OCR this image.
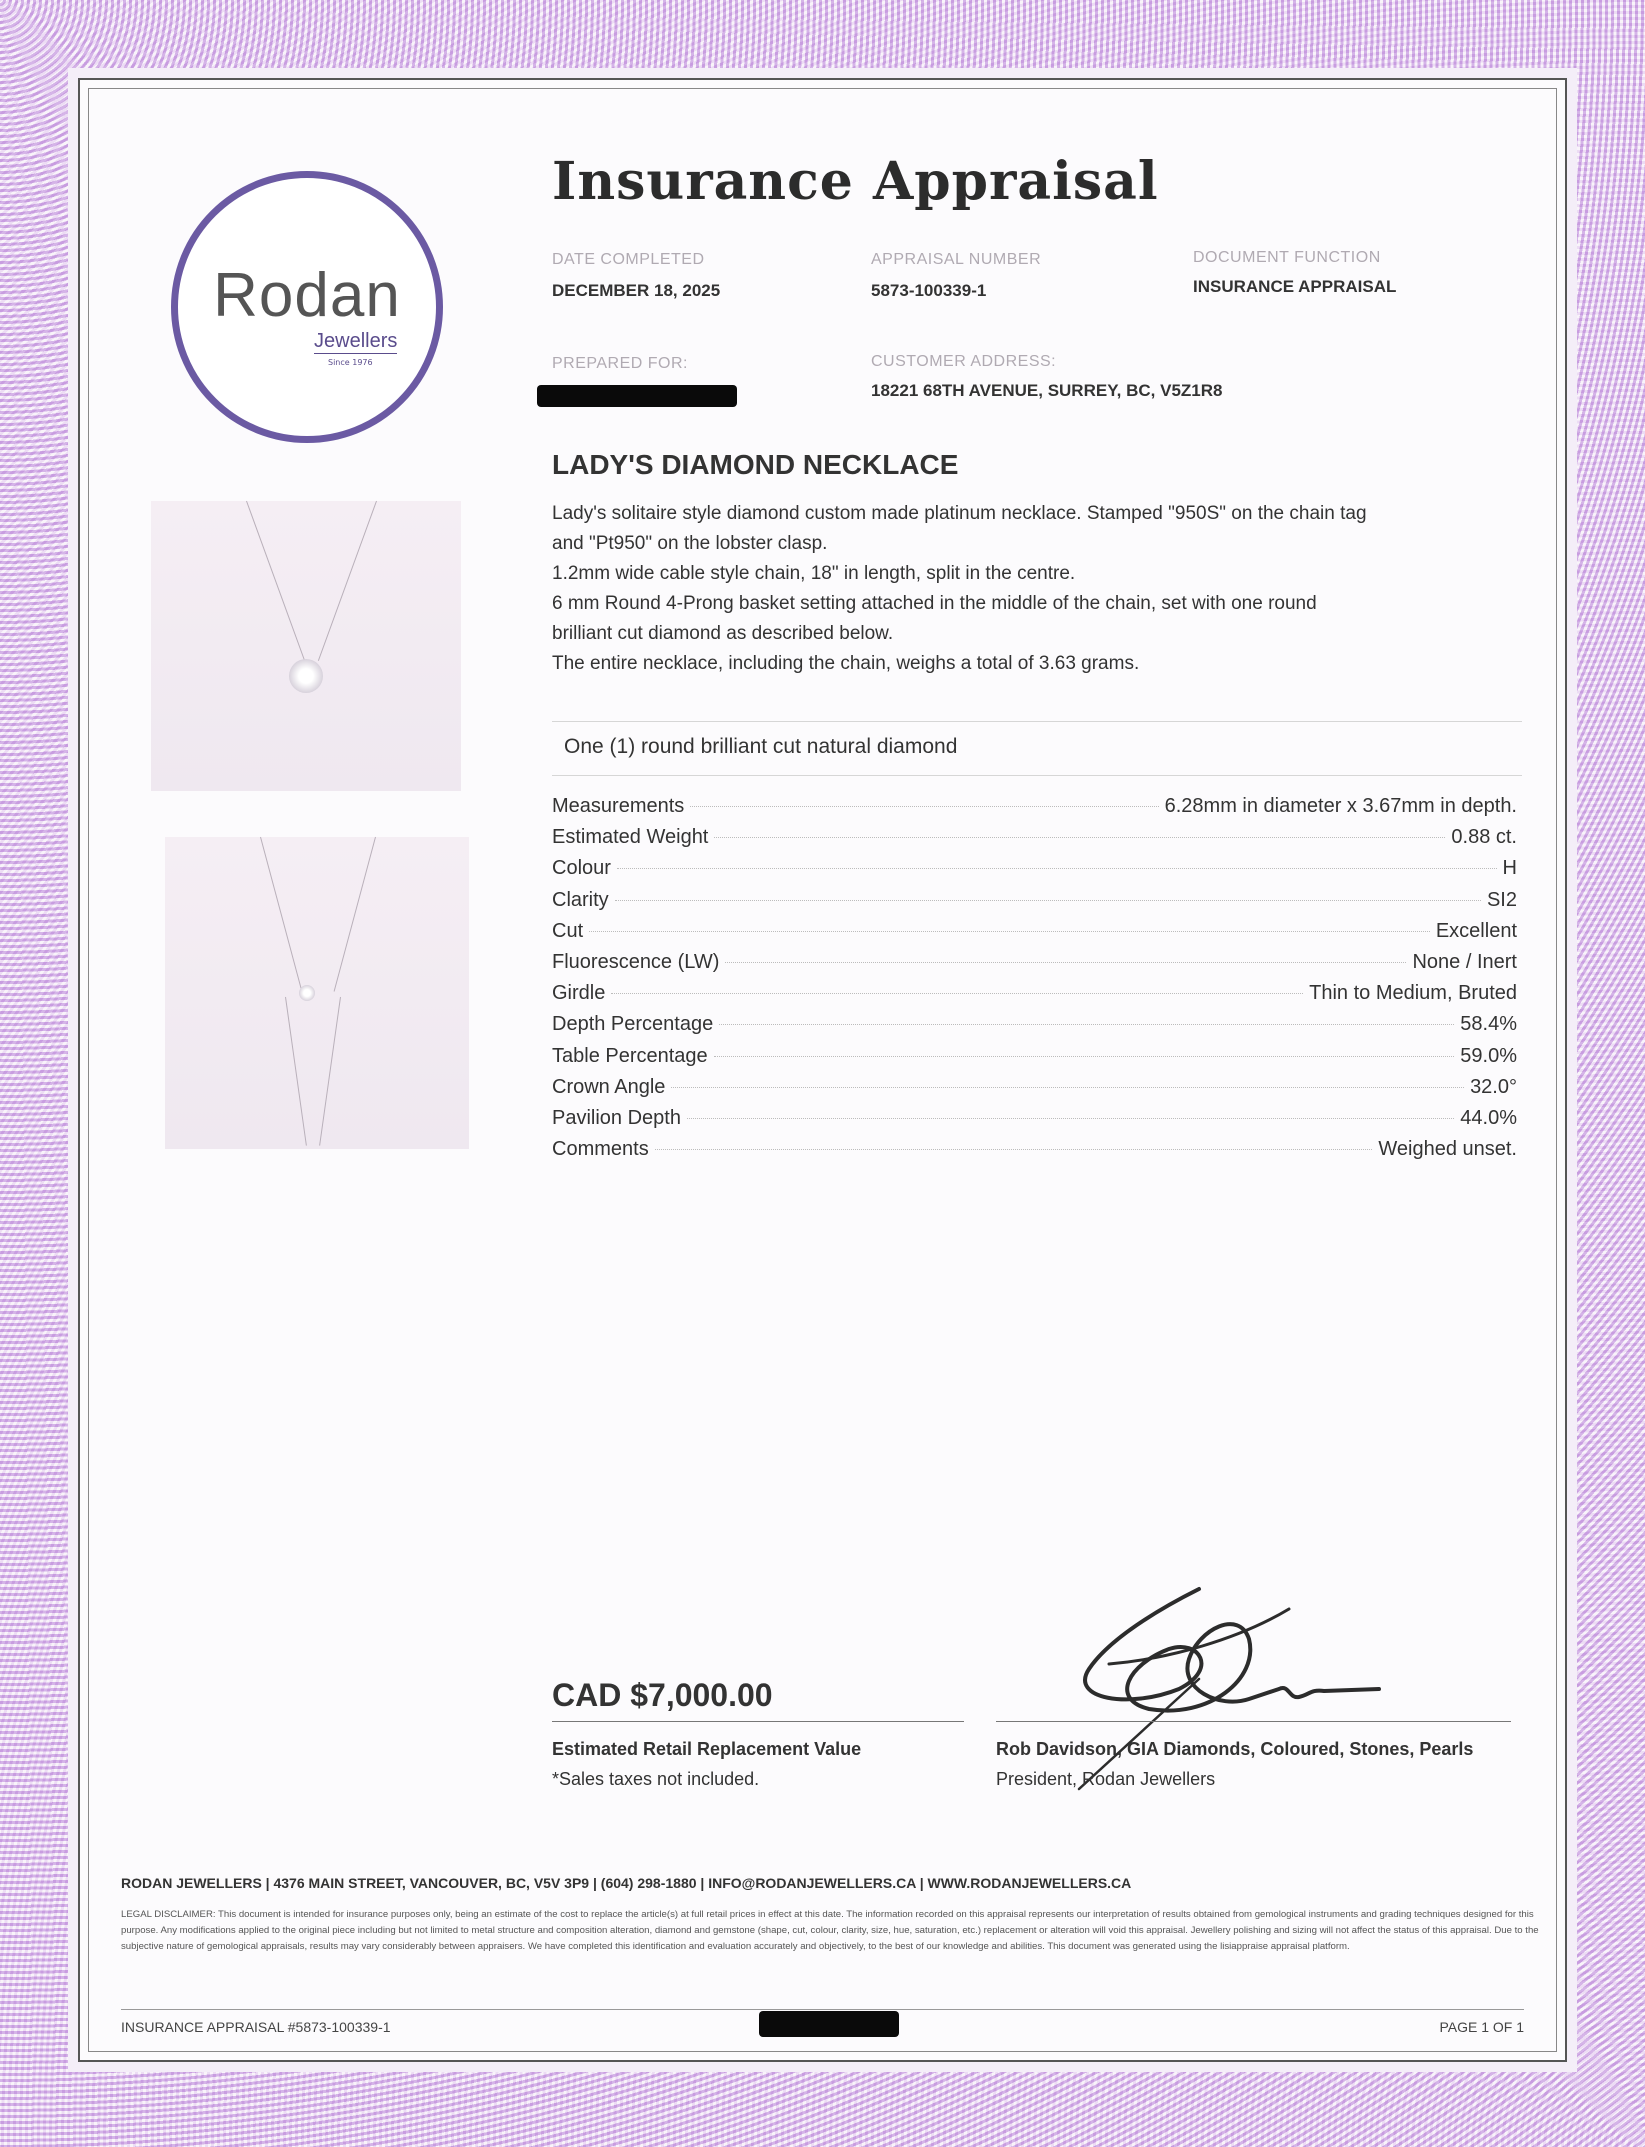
Rodan
Jewellers
Since 1976
Insurance Appraisal
DATE COMPLETED
DECEMBER 18, 2025
APPRAISAL NUMBER
5873-100339-1
DOCUMENT FUNCTION
INSURANCE APPRAISAL
PREPARED FOR:	CUSTOMER ADDRESS:
18221 68TH AVENUE, SURREY, BC, V5Z1R8
LADY'S DIAMOND NECKLACE
Lady's solitaire style diamond custom made platinum necklace. Stamped "950S" on the chain tag
and "Pt950" on the lobster clasp.
1.2mm wide cable style chain, 18" in length, split in the centre.
6 mm Round 4-Prong basket setting attached in the middle of the chain, set with one round
brilliant cut diamond as described below.
The entire necklace, including the chain, weighs a total of 3.63 grams.
One (1) round brilliant cut natural diamond
Measurements	6.28mm in diameter x 3.67mm in depth.
Estimated Weight	0.88 ct.
Colour	H
Clarity	SI2
Cut	Excellent
Fluorescence (LW)	None / Inert
Girdle	Thin to Medium, Bruted
Depth Percentage	58.4%
Table Percentage	59.0%
Crown Angle	32.0°
Pavilion Depth	44.0%
Comments	Weighed unset.
CAD $7,000.00
Estimated Retail Replacement Value
*Sales taxes not included.
Rob Davidson, GIA Diamonds, Coloured, Stones, Pearls
President, Rodan Jewellers
RODAN JEWELLERS | 4376 MAIN STREET, VANCOUVER, BC, V5V 3P9 | (604) 298-1880 | INFO@RODANJEWELLERS.CA | WWW.RODANJEWELLERS.CA
LEGAL DISCLAIMER: This document is intended for insurance purposes only, being an estimate of the cost to replace the article(s) at full retail prices in effect at this date. The information recorded on this appraisal represents our interpretation of results obtained from gemological instruments and grading techniques designed for this purpose. Any modifications applied to the original piece including but not limited to metal structure and composition alteration, diamond and gemstone (shape, cut, colour, clarity, size, hue, saturation, etc.) replacement or alteration will void this appraisal. Jewellery polishing and sizing will not affect the status of this appraisal. Due to the subjective nature of gemological appraisals, results may vary considerably between appraisers. We have completed this identification and evaluation accurately and objectively, to the best of our knowledge and abilities. This document was generated using the lisiappraise appraisal platform.
INSURANCE APPRAISAL #5873-100339-1	PAGE 1 OF 1
